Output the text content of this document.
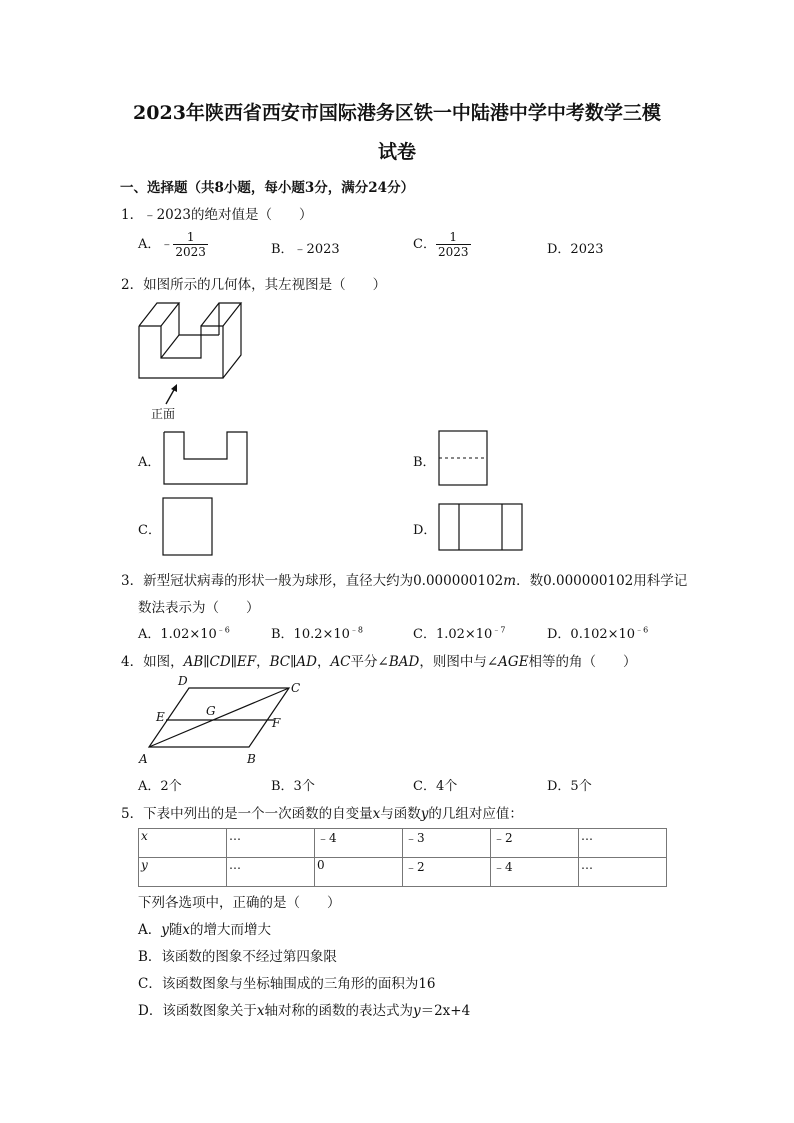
2023年陕西省西安市国际港务区铁一中陆港中学中考数学三模
试卷
一、选择题（共8小题，每小题3分，满分24分）
1．﹣2023的绝对值是（　　）
A．﹣ $\frac{1}{2023}$	B．﹣2023	C． $\frac{1}{2023}$	D．2023
2．如图所示的几何体，其左视图是（　　）
正面
A．	B．
C．	D．
3．新型冠状病毒的形状一般为球形，直径大约为0.000000102m．数0.000000102用科学记
数法表示为（　　）
A．$1.02\times 10^{﹣6}$	B．$10.2\times 10^{﹣8}$	C．$1.02\times 10^{﹣7}$	D．$0.102\times 10^{﹣6}$
4．如图，AB∥CD∥EF，BC∥AD，AC平分∠BAD，则图中与∠AGE相等的角（　　）
D	C
E	G
F
A	B
A．2个	B．3个	C．4个	D．5个
5．下表中列出的是一个一次函数的自变量x与函数y的几组对应值：
x	…	﹣4	﹣3	﹣2	…
y	…	0	﹣2	﹣4	…
下列各选项中，正确的是（　　）
A．y随x的增大而增大
B．该函数的图象不经过第四象限
C．该函数图象与坐标轴围成的三角形的面积为16
D．该函数图象关于x轴对称的函数的表达式为y＝2x+4
